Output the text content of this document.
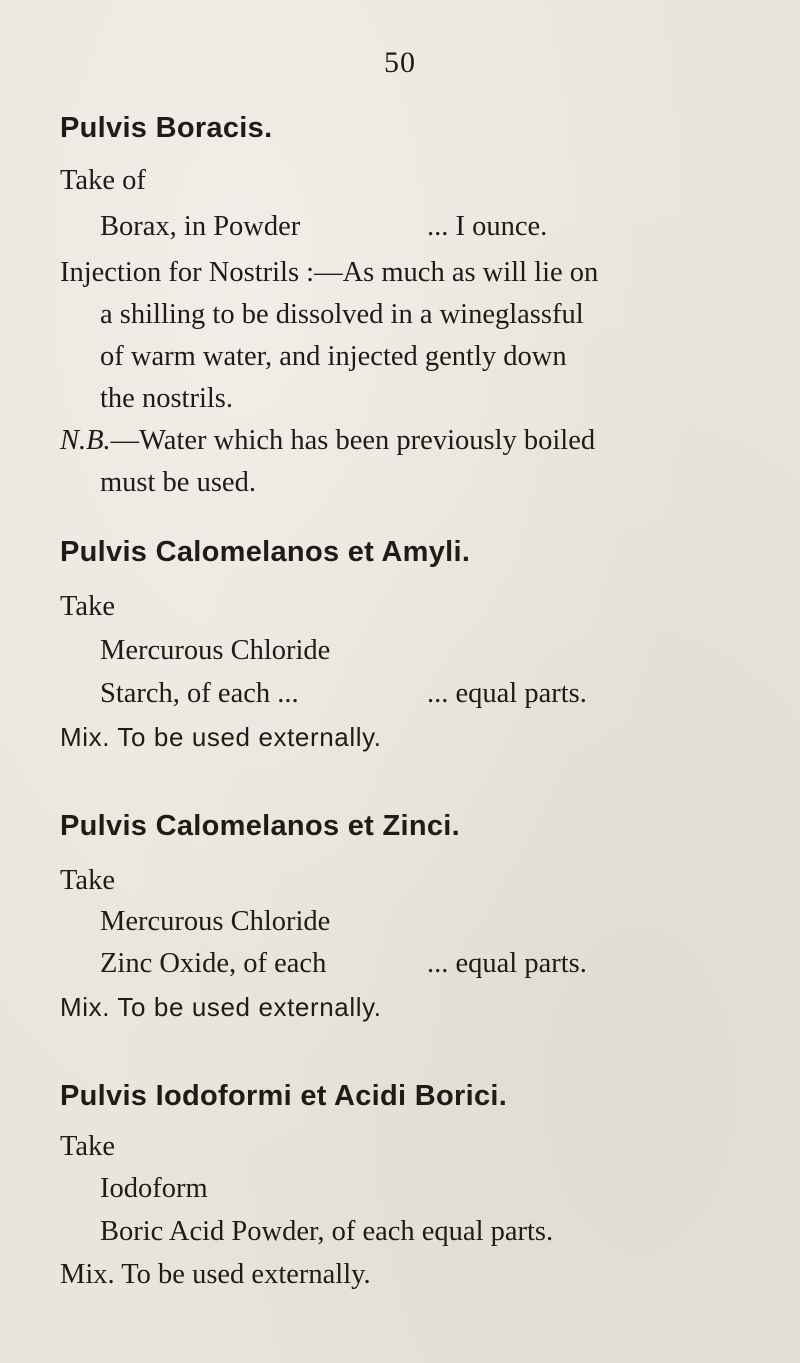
50
Pulvis Boracis.
Take of
Borax, in Powder	... I ounce.
Injection for Nostrils :—As much as will lie on
a shilling to be dissolved in a wineglassful
of warm water, and injected gently down
the nostrils.
N.B.—Water which has been previously boiled
must be used.
Pulvis Calomelanos et Amyli.
Take
Mercurous Chloride
Starch, of each ...	... equal parts.
Mix. To be used externally.
Pulvis Calomelanos et Zinci.
Take
Mercurous Chloride
Zinc Oxide, of each	... equal parts.
Mix. To be used externally.
Pulvis Iodoformi et Acidi Borici.
Take
Iodoform
Boric Acid Powder, of each equal parts.
Mix. To be used externally.
